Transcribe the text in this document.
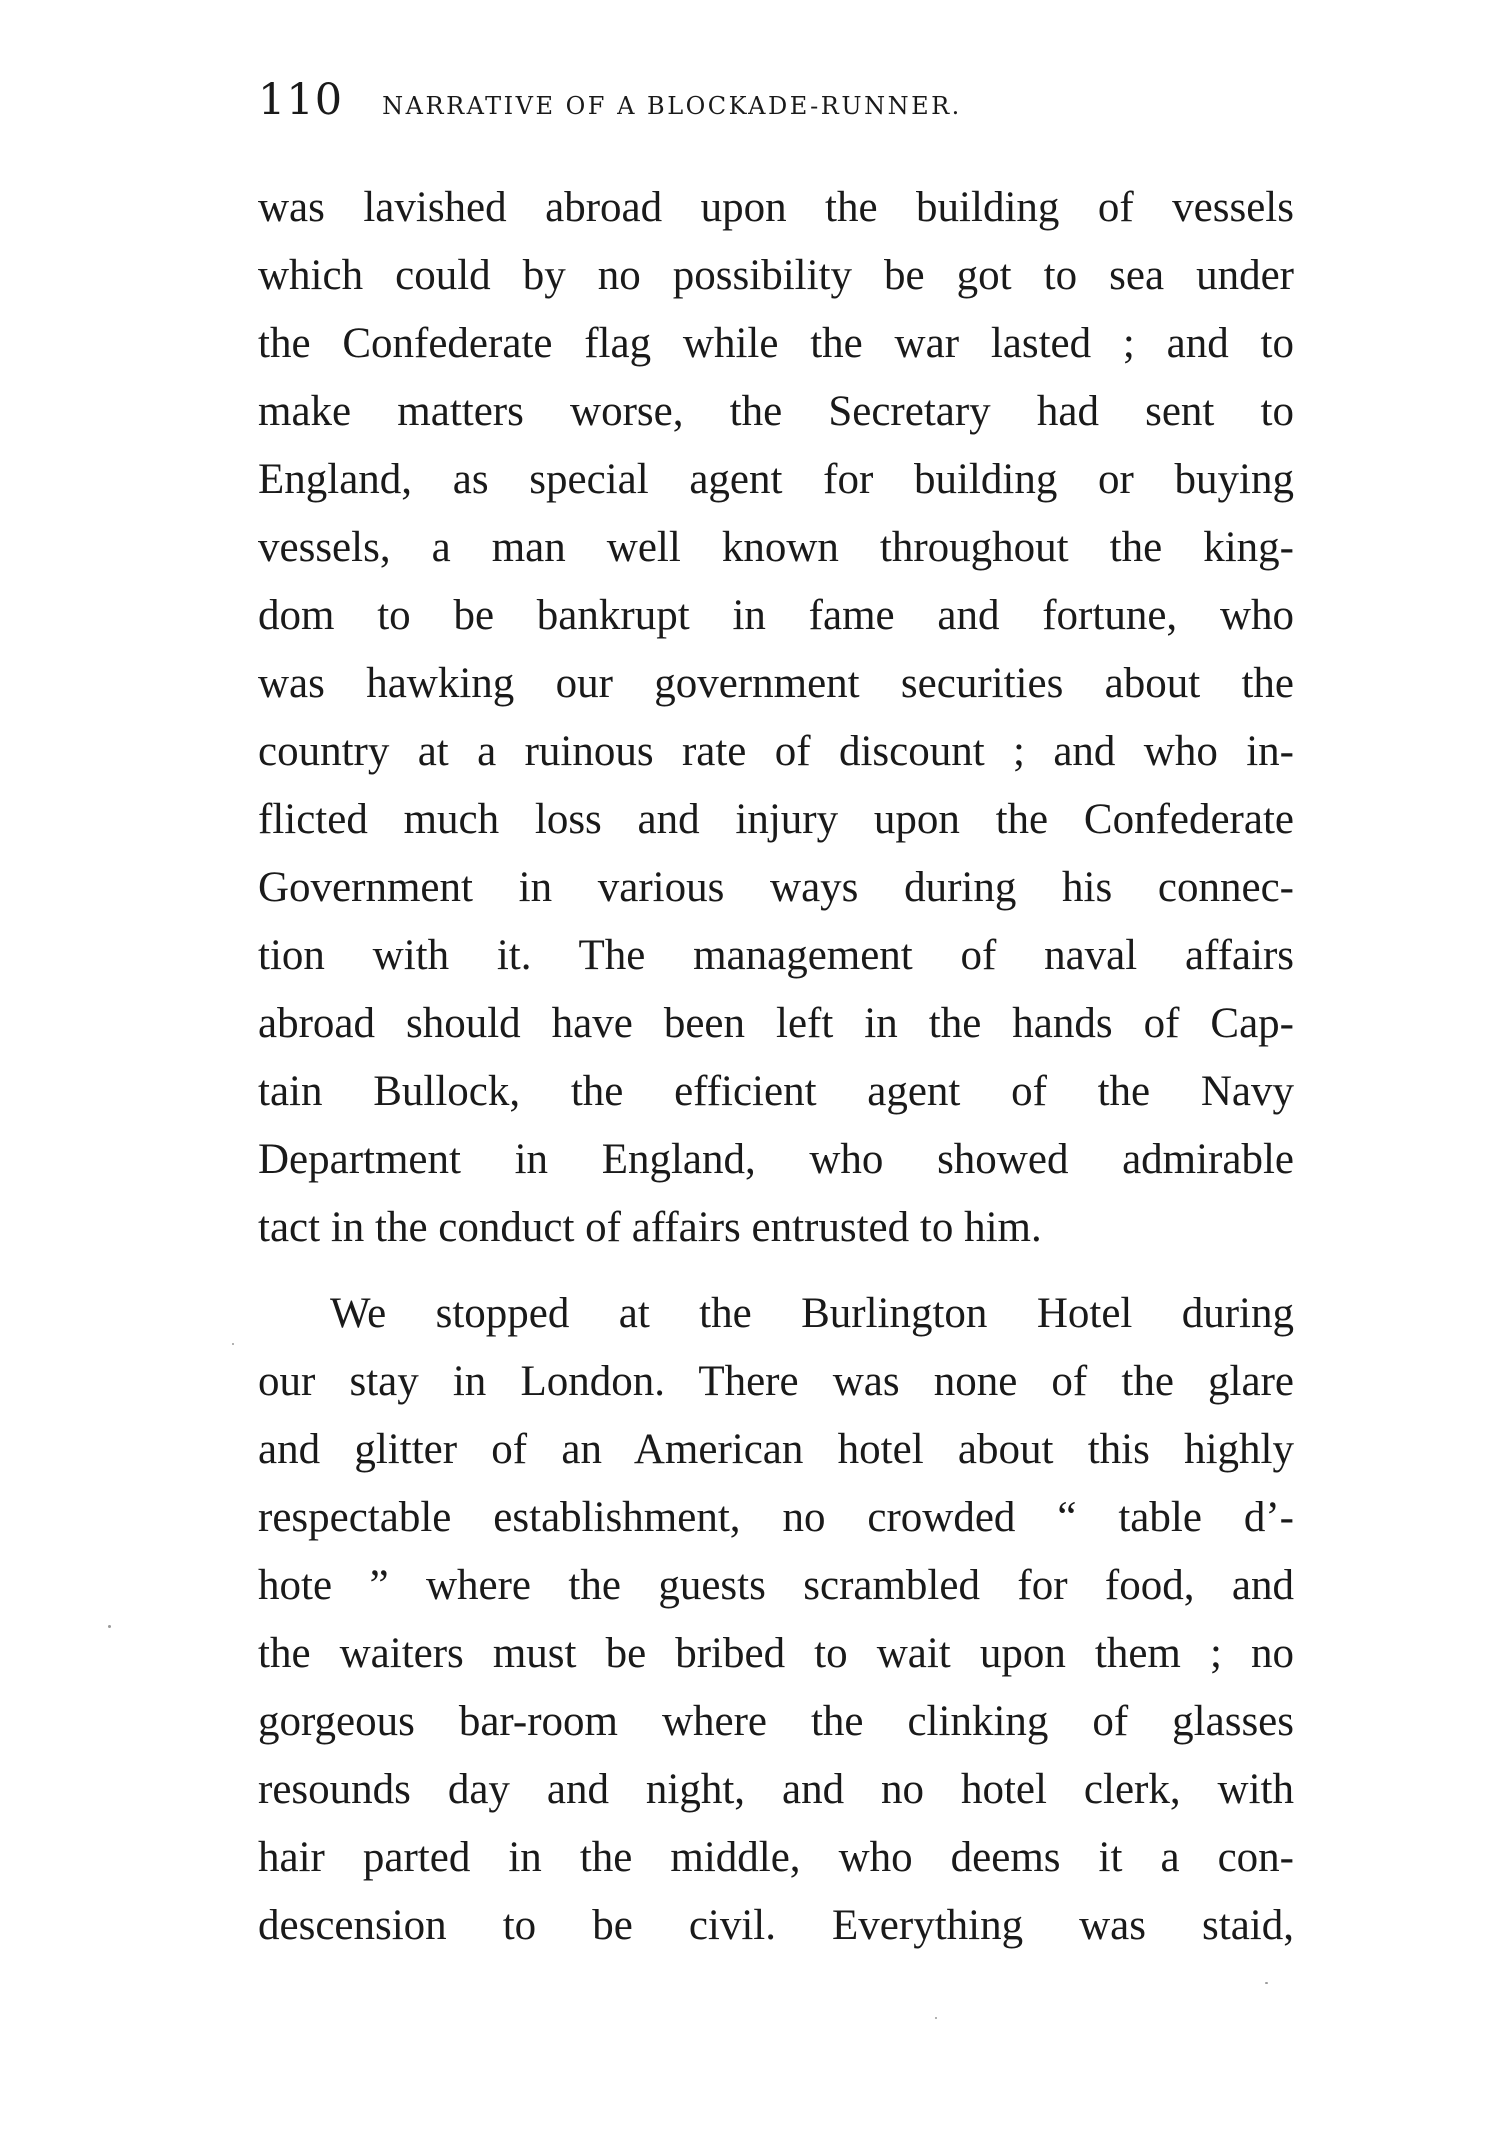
110 NARRATIVE OF A BLOCKADE-RUNNER.
was lavished abroad upon the building of vessels
which could by no possibility be got to sea under
the Confederate flag while the war lasted ; and to
make matters worse, the Secretary had sent to
England, as special agent for building or buying
vessels, a man well known throughout the king-
dom to be bankrupt in fame and fortune, who
was hawking our government securities about the
country at a ruinous rate of discount ; and who in-
flicted much loss and injury upon the Confederate
Government in various ways during his connec-
tion with it. The management of naval affairs
abroad should have been left in the hands of Cap-
tain Bullock, the efficient agent of the Navy
Department in England, who showed admirable
tact in the conduct of affairs entrusted to him.
We stopped at the Burlington Hotel during
our stay in London. There was none of the glare
and glitter of an American hotel about this highly
respectable establishment, no crowded “ table d’-
hote ” where the guests scrambled for food, and
the waiters must be bribed to wait upon them ; no
gorgeous bar-room where the clinking of glasses
resounds day and night, and no hotel clerk, with
hair parted in the middle, who deems it a con-
descension to be civil. Everything was staid,
